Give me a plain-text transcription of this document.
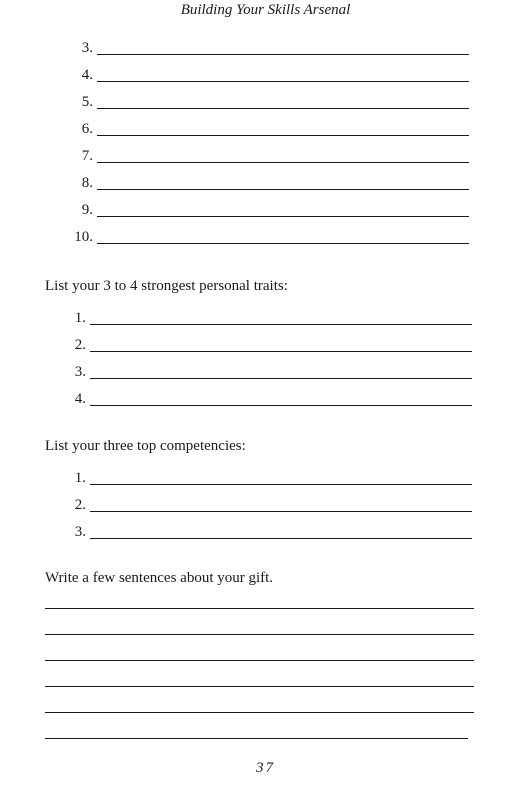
Building Your Skills Arsenal
3.
4.
5.
6.
7.
8.
9.
10.
List your 3 to 4 strongest personal traits:
1.
2.
3.
4.
List your three top competencies:
1.
2.
3.
Write a few sentences about your gift.
37
